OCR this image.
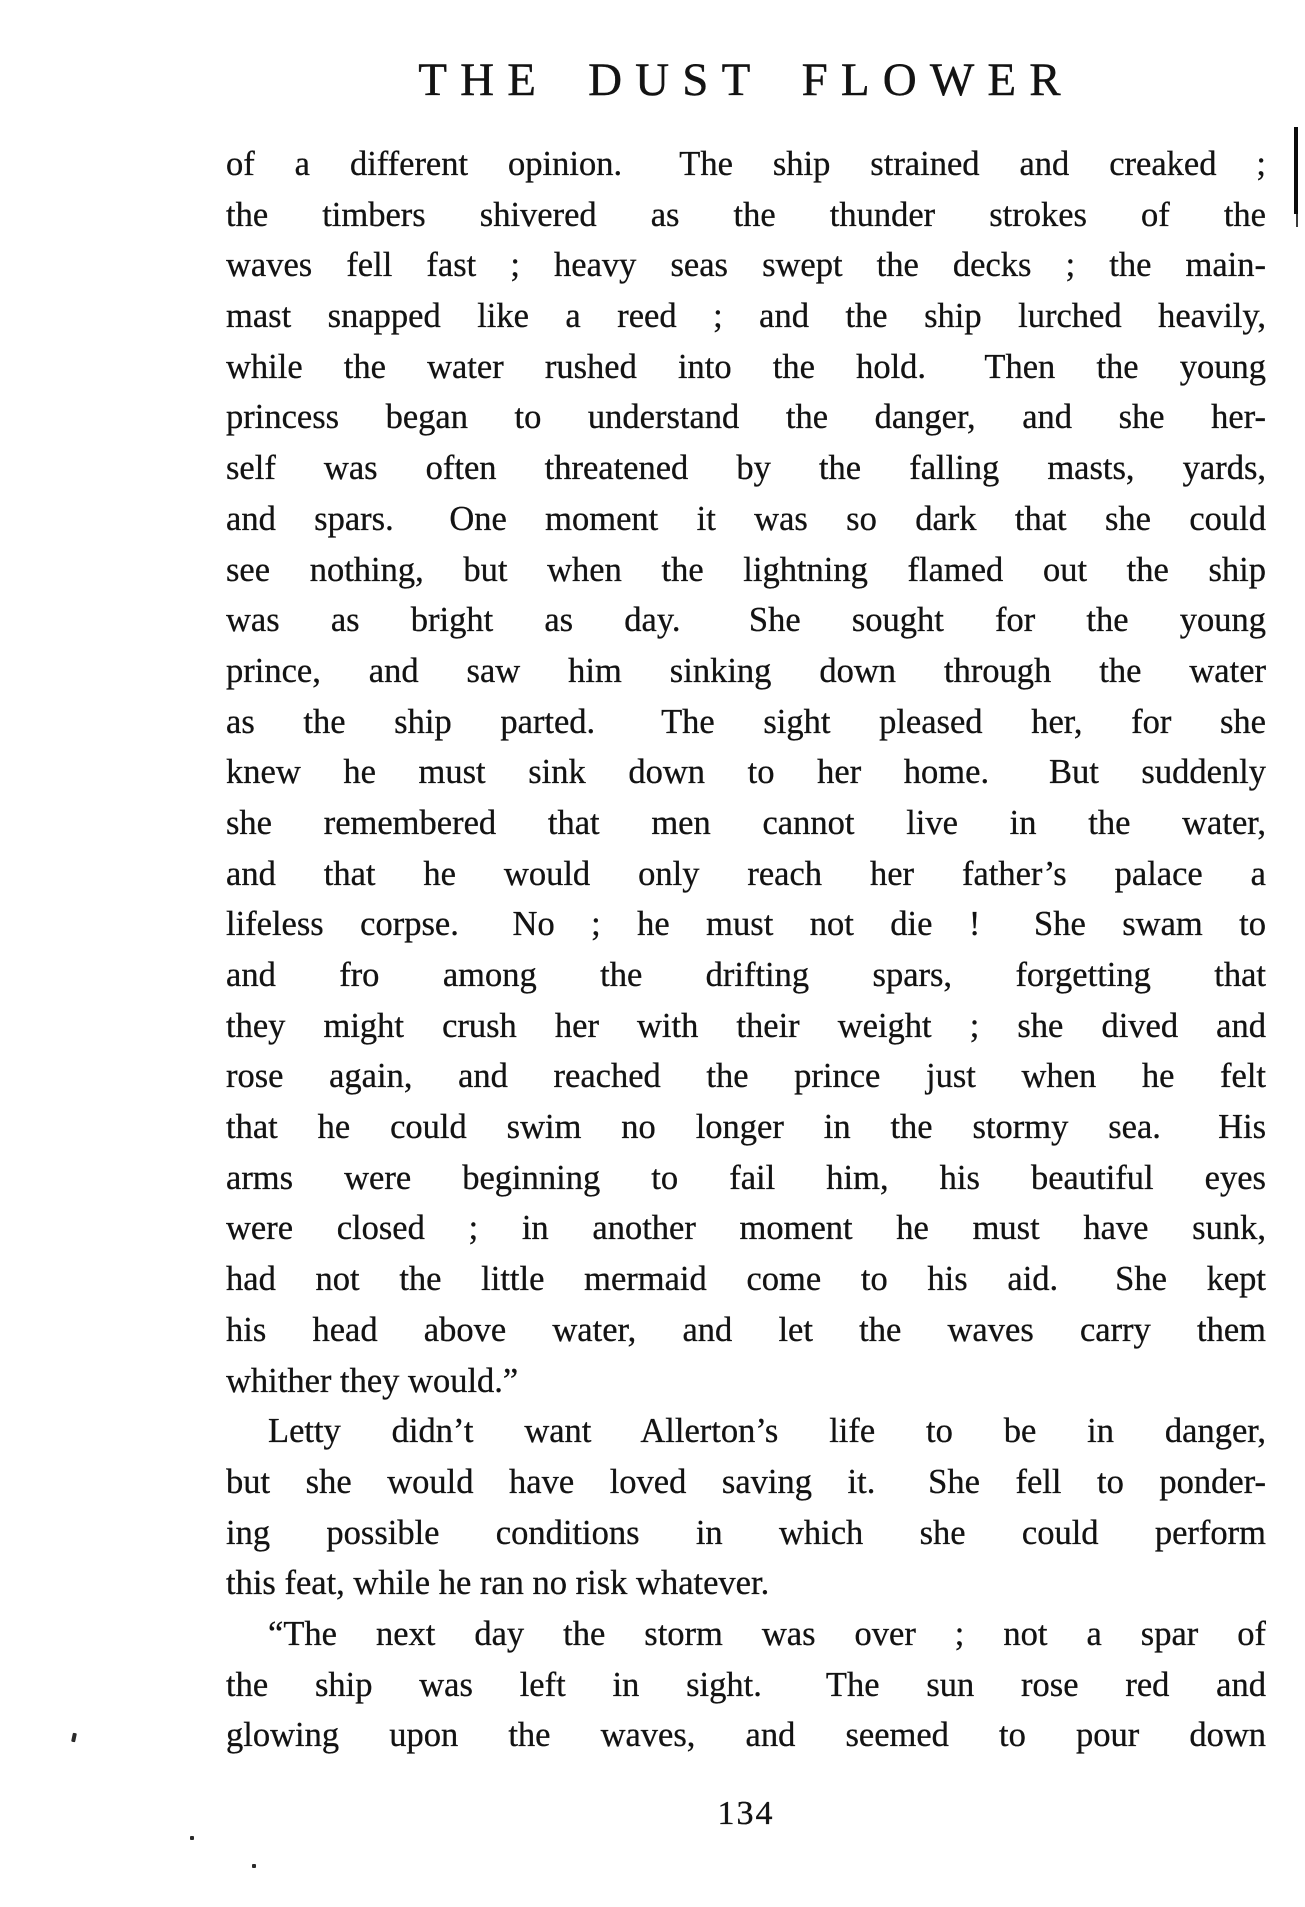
THE DUST FLOWER
of a different opinion.  The ship strained and creaked ;
the timbers shivered as the thunder strokes of the
waves fell fast ; heavy seas swept the decks ; the main-
mast snapped like a reed ; and the ship lurched heavily,
while the water rushed into the hold.  Then the young
princess began to understand the danger, and she her-
self was often threatened by the falling masts, yards,
and spars.  One moment it was so dark that she could
see nothing, but when the lightning flamed out the ship
was as bright as day.  She sought for the young
prince, and saw him sinking down through the water
as the ship parted.  The sight pleased her, for she
knew he must sink down to her home.  But suddenly
she remembered that men cannot live in the water,
and that he would only reach her father’s palace a
lifeless corpse.  No ; he must not die !  She swam to
and fro among the drifting spars, forgetting that
they might crush her with their weight ; she dived and
rose again, and reached the prince just when he felt
that he could swim no longer in the stormy sea.  His
arms were beginning to fail him, his beautiful eyes
were closed ; in another moment he must have sunk,
had not the little mermaid come to his aid.  She kept
his head above water, and let the waves carry them
whither they would.”
Letty didn’t want Allerton’s life to be in danger,
but she would have loved saving it.  She fell to ponder-
ing possible conditions in which she could perform
this feat, while he ran no risk whatever.
“The next day the storm was over ; not a spar of
the ship was left in sight.  The sun rose red and
glowing upon the waves, and seemed to pour down
134
